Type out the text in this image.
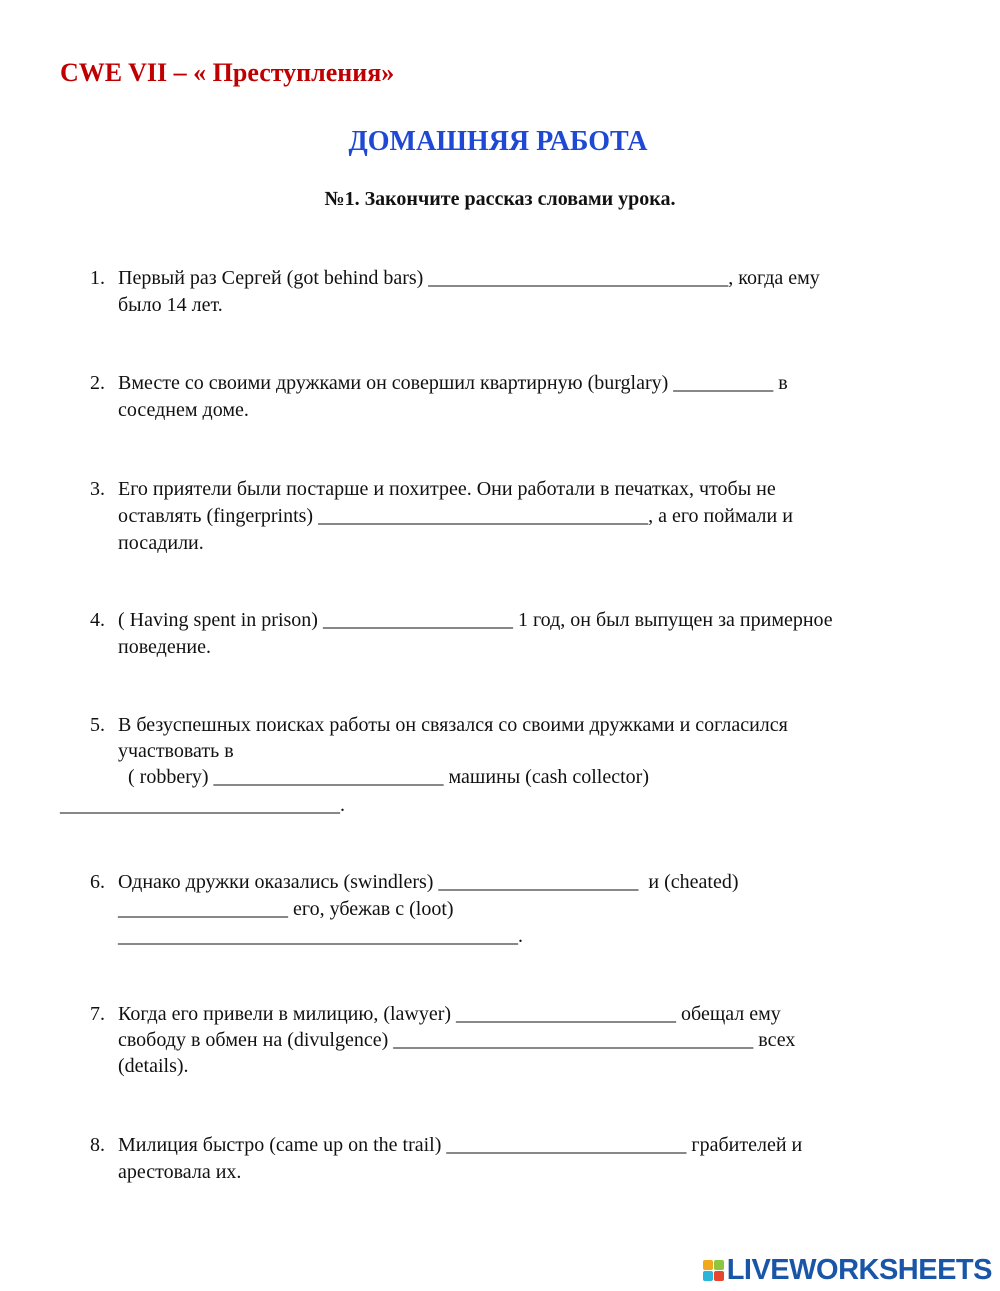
CWE VII – « Преступления»
ДОМАШНЯЯ РАБОТА

№1. Закончите рассказ словами урока.

1. Первый раз Сергей (got behind bars) ______________________________, когда ему
было 14 лет.
2. Вместе со своими дружками он совершил квартирную (burglary) __________ в
соседнем доме.
3. Его приятели были постарше и похитрее. Они работали в печатках, чтобы не
оставлять (fingerprints) _________________________________, а его поймали и
посадили.
4. ( Having spent in prison) ___________________ 1 год, он был выпущен за примерное
поведение.
5. В безуспешных поисках работы он связался со своими дружками и согласился
участвовать в
( robbery) _______________________ машины (cash collector)
____________________________.
6. Однако дружки оказались (swindlers) ____________________  и (cheated)
_________________ его, убежав с (loot)
________________________________________.
7. Когда его привели в милицию, (lawyer) ______________________ обещал ему
свободу в обмен на (divulgence) ____________________________________ всех
(details).
8. Милиция быстро (came up on the trail) ________________________ грабителей и
арестовала их.
LIVEWORKSHEETS
